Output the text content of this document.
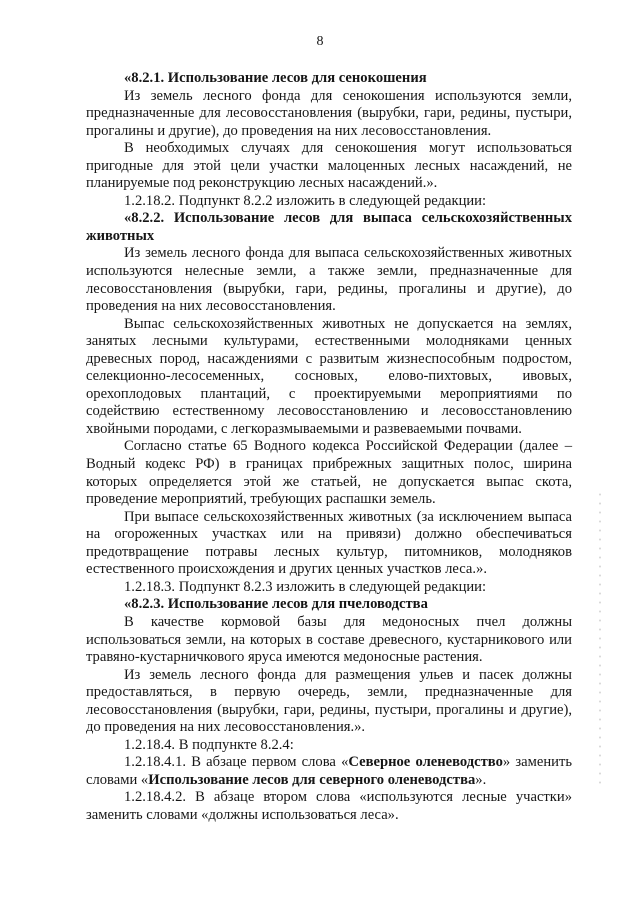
8

«8.2.1. Использование лесов для сенокошения

Из земель лесного фонда для сенокошения используются земли, предназначенные для лесовосстановления (вырубки, гари, редины, пустыри, прогалины и другие), до проведения на них лесовосстановления.

В необходимых случаях для сенокошения могут использоваться пригодные для этой цели участки малоценных лесных насаждений, не планируемые под реконструкцию лесных насаждений.».

1.2.18.2. Подпункт 8.2.2 изложить в следующей редакции:

«8.2.2. Использование лесов для выпаса сельскохозяйственных животных

Из земель лесного фонда для выпаса сельскохозяйственных животных используются нелесные земли, а также земли, предназначенные для лесовосстановления (вырубки, гари, редины, прогалины и другие), до проведения на них лесовосстановления.

Выпас сельскохозяйственных животных не допускается на землях, занятых лесными культурами, естественными молодняками ценных древесных пород, насаждениями с развитым жизнеспособным подростом, селекционно-лесосеменных, сосновых, елово-пихтовых, ивовых, орехоплодовых плантаций, с проектируемыми мероприятиями по содействию естественному лесовосстановлению и лесовосстановлению хвойными породами, с легкоразмываемыми и развеваемыми почвами.

Согласно статье 65 Водного кодекса Российской Федерации (далее – Водный кодекс РФ) в границах прибрежных защитных полос, ширина которых определяется этой же статьей, не допускается выпас скота, проведение мероприятий, требующих распашки земель.

При выпасе сельскохозяйственных животных (за исключением выпаса на огороженных участках или на привязи) должно обеспечиваться предотвращение потравы лесных культур, питомников, молодняков естественного происхождения и других ценных участков леса.».

1.2.18.3. Подпункт 8.2.3 изложить в следующей редакции:

«8.2.3. Использование лесов для пчеловодства

В качестве кормовой базы для медоносных пчел должны использоваться земли, на которых в составе древесного, кустарникового или травяно-кустарничкового яруса имеются медоносные растения.

Из земель лесного фонда для размещения ульев и пасек должны предоставляться, в первую очередь, земли, предназначенные для лесовосстановления (вырубки, гари, редины, пустыри, прогалины и другие), до проведения на них лесовосстановления.».

1.2.18.4. В подпункте 8.2.4:

1.2.18.4.1. В абзаце первом слова «Северное оленеводство» заменить словами «Использование лесов для северного оленеводства».

1.2.18.4.2. В абзаце втором слова «используются лесные участки» заменить словами «должны использоваться леса».
